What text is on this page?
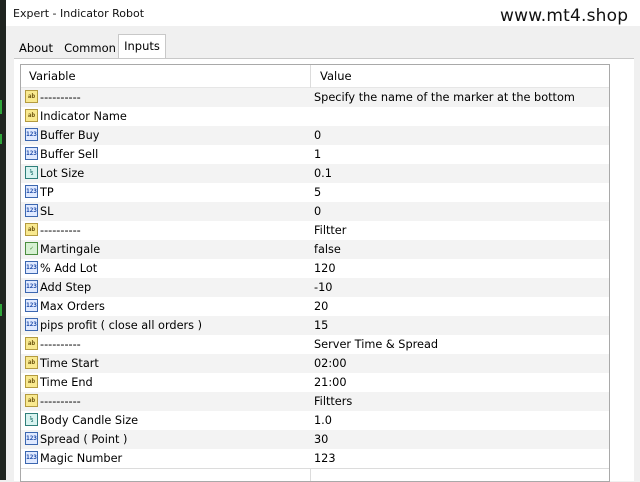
Expert - Indicator Robot	www.mt4.shop
About Common Inputs
Variable	Value
ab ----------	Specify the name of the marker at the bottom
ab Indicator Name
123 Buffer Buy	0
123 Buffer Sell	1
½ Lot Size	0.1
123 TP	5
123 SL	0
ab ----------	Filtter
✓ Martingale	false
123 % Add Lot	120
123 Add Step	-10
123 Max Orders	20
123 pips profit ( close all orders )	15
ab ----------	Server Time & Spread
ab Time Start	02:00
ab Time End	21:00
ab ----------	Filtters
½ Body Candle Size	1.0
123 Spread ( Point )	30
123 Magic Number	123
